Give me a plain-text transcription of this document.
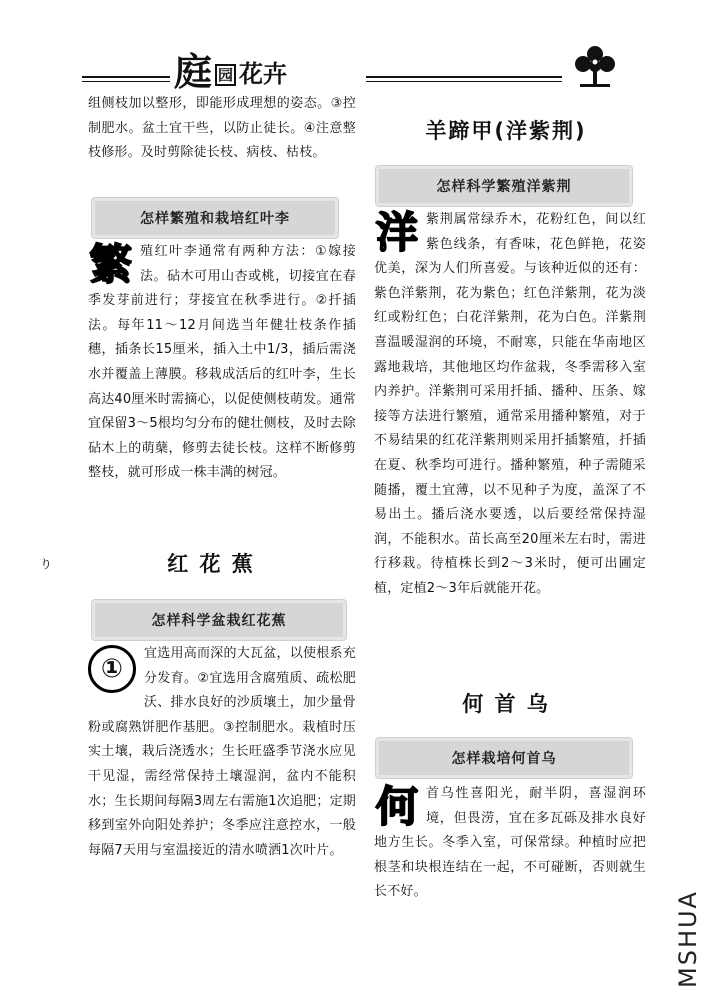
庭 园 花卉

组侧枝加以整形，即能形成理想的姿态。③控制肥水。盆土宜干些，以防止徒长。④注意整枝修形。及时剪除徒长枝、病枝、枯枝。

怎样繁殖和栽培红叶李
繁殖红叶李通常有两种方法：①嫁接法。砧木可用山杏或桃，切接宜在春季发芽前进行；芽接宜在秋季进行。②扦插法。每年11～12月间选当年健壮枝条作插穗，插条长15厘米，插入土中1/3，插后需浇水并覆盖上薄膜。移栽成活后的红叶李，生长高达40厘米时需摘心，以促使侧枝萌发。通常宜保留3～5根均匀分布的健壮侧枝，及时去除砧木上的萌蘖，修剪去徒长枝。这样不断修剪整枝，就可形成一株丰满的树冠。
红 花 蕉
怎样科学盆栽红花蕉
①
宜选用高而深的大瓦盆，以使根系充分发育。②宜选用含腐殖质、疏松肥沃、排水良好的沙质壤土，加少量骨粉或腐熟饼肥作基肥。③控制肥水。栽植时压实土壤，栽后浇透水；生长旺盛季节浇水应见干见湿，需经常保持土壤湿润，盆内不能积水；生长期间每隔3周左右需施1次追肥；定期移到室外向阳处养护；冬季应注意控水，一般每隔7天用与室温接近的清水喷洒1次叶片。
羊蹄甲(洋紫荆)
怎样科学繁殖洋紫荆
洋紫荆属常绿乔木，花粉红色，间以红紫色线条，有香味，花色鲜艳，花姿优美，深为人们所喜爱。与该种近似的还有：紫色洋紫荆，花为紫色；红色洋紫荆，花为淡红或粉红色；白花洋紫荆，花为白色。洋紫荆喜温暖湿润的环境，不耐寒，只能在华南地区露地栽培，其他地区均作盆栽，冬季需移入室内养护。洋紫荆可采用扦插、播种、压条、嫁接等方法进行繁殖，通常采用播种繁殖，对于不易结果的红花洋紫荆则采用扦插繁殖，扦插在夏、秋季均可进行。播种繁殖，种子需随采随播，覆土宜薄，以不见种子为度，盖深了不易出土。播后浇水要透，以后要经常保持湿润，不能积水。苗长高至20厘米左右时，需进行移栽。待植株长到2～3米时，便可出圃定植，定植2～3年后就能开花。
何 首 乌
怎样栽培何首乌
何首乌性喜阳光，耐半阴，喜湿润环境，但畏涝，宜在多瓦砾及排水良好地方生长。冬季入室，可保常绿。种植时应把根茎和块根连结在一起，不可碰断，否则就生长不好。
り
MSHUA
